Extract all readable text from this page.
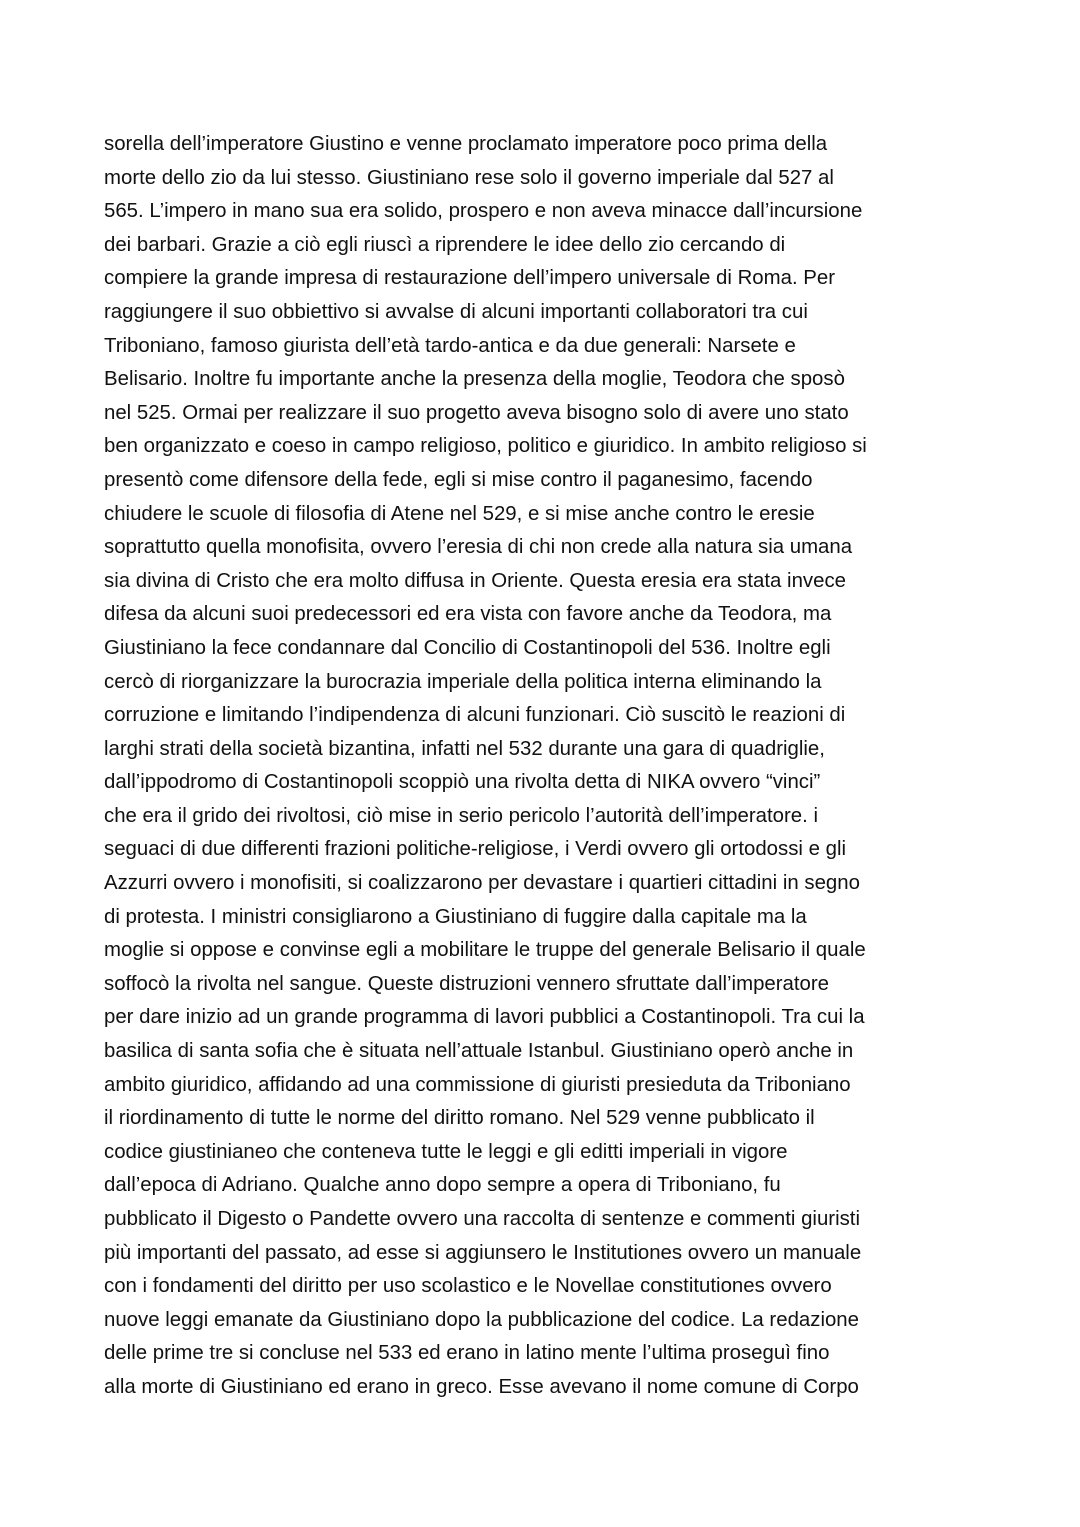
sorella dell’imperatore Giustino e venne proclamato imperatore poco prima della
morte dello zio da lui stesso. Giustiniano rese solo il governo imperiale dal 527 al
565. L’impero in mano sua era solido, prospero e non aveva minacce dall’incursione
dei barbari. Grazie a ciò egli riuscì a riprendere le idee dello zio cercando di
compiere la grande impresa di restaurazione dell’impero universale di Roma. Per
raggiungere il suo obbiettivo si avvalse di alcuni importanti collaboratori tra cui
Triboniano, famoso giurista dell’età tardo-antica e da due generali: Narsete e
Belisario. Inoltre fu importante anche la presenza della moglie, Teodora che sposò
nel 525. Ormai per realizzare il suo progetto aveva bisogno solo di avere uno stato
ben organizzato e coeso in campo religioso, politico e giuridico. In ambito religioso si
presentò come difensore della fede, egli si mise contro il paganesimo, facendo
chiudere le scuole di filosofia di Atene nel 529, e si mise anche contro le eresie
soprattutto quella monofisita, ovvero l’eresia di chi non crede alla natura sia umana
sia divina di Cristo che era molto diffusa in Oriente. Questa eresia era stata invece
difesa da alcuni suoi predecessori ed era vista con favore anche da Teodora, ma
Giustiniano la fece condannare dal Concilio di Costantinopoli del 536. Inoltre egli
cercò di riorganizzare la burocrazia imperiale della politica interna eliminando la
corruzione e limitando l’indipendenza di alcuni funzionari. Ciò suscitò le reazioni di
larghi strati della società bizantina, infatti nel 532 durante una gara di quadriglie,
dall’ippodromo di Costantinopoli scoppiò una rivolta detta di NIKA ovvero “vinci”
che era il grido dei rivoltosi, ciò mise in serio pericolo l’autorità dell’imperatore. i
seguaci di due differenti frazioni politiche-religiose, i Verdi ovvero gli ortodossi e gli
Azzurri ovvero i monofisiti, si coalizzarono per devastare i quartieri cittadini in segno
di protesta. I ministri consigliarono a Giustiniano di fuggire dalla capitale ma la
moglie si oppose e convinse egli a mobilitare le truppe del generale Belisario il quale
soffocò la rivolta nel sangue. Queste distruzioni vennero sfruttate dall’imperatore
per dare inizio ad un grande programma di lavori pubblici a Costantinopoli. Tra cui la
basilica di santa sofia che è situata nell’attuale Istanbul. Giustiniano operò anche in
ambito giuridico, affidando ad una commissione di giuristi presieduta da Triboniano
il riordinamento di tutte le norme del diritto romano. Nel 529 venne pubblicato il
codice giustinianeo che conteneva tutte le leggi e gli editti imperiali in vigore
dall’epoca di Adriano. Qualche anno dopo sempre a opera di Triboniano, fu
pubblicato il Digesto o Pandette ovvero una raccolta di sentenze e commenti giuristi
più importanti del passato, ad esse si aggiunsero le Institutiones ovvero un manuale
con i fondamenti del diritto per uso scolastico e le Novellae constitutiones ovvero
nuove leggi emanate da Giustiniano dopo la pubblicazione del codice. La redazione
delle prime tre si concluse nel 533 ed erano in latino mente l’ultima proseguì fino
alla morte di Giustiniano ed erano in greco. Esse avevano il nome comune di Corpo
